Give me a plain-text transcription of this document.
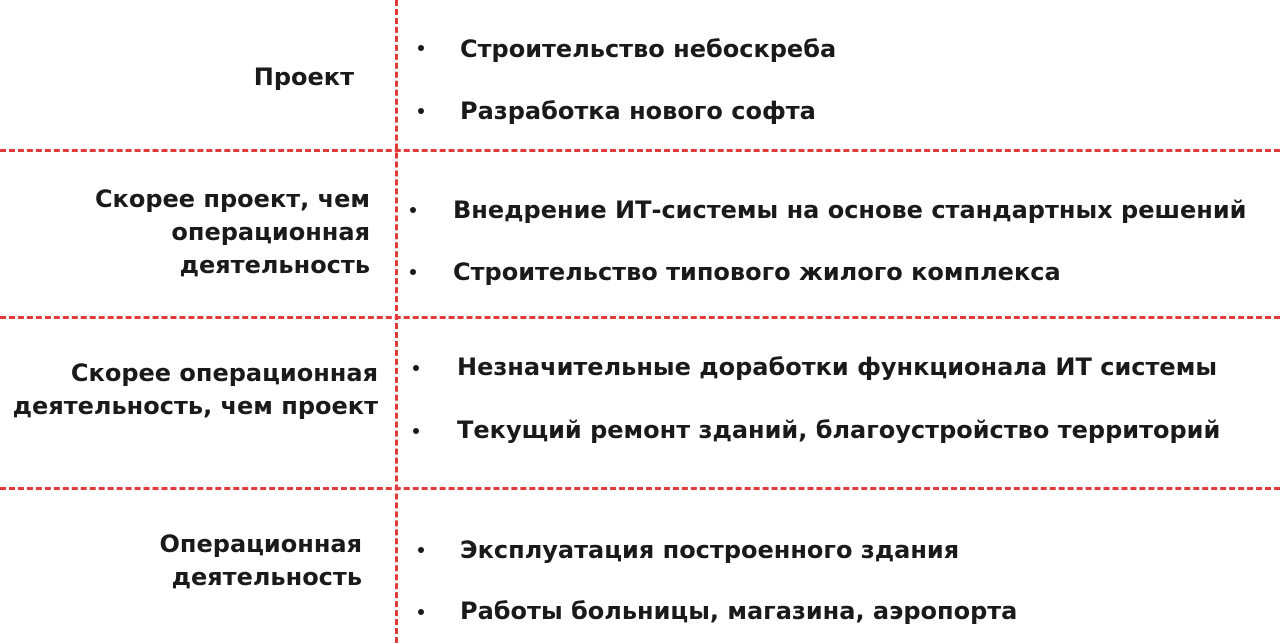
Проект
Строительство небоскреба
Разработка нового софта
Скорее проект, чем операционная деятельность
Внедрение ИТ-системы на основе стандартных решений
Строительство типового жилого комплекса
Скорее операционная деятельность, чем проект
Незначительные доработки функционала ИТ системы
Текущий ремонт зданий, благоустройство территорий
Операционная деятельность
Эксплуатация построенного здания
Работы больницы, магазина, аэропорта
